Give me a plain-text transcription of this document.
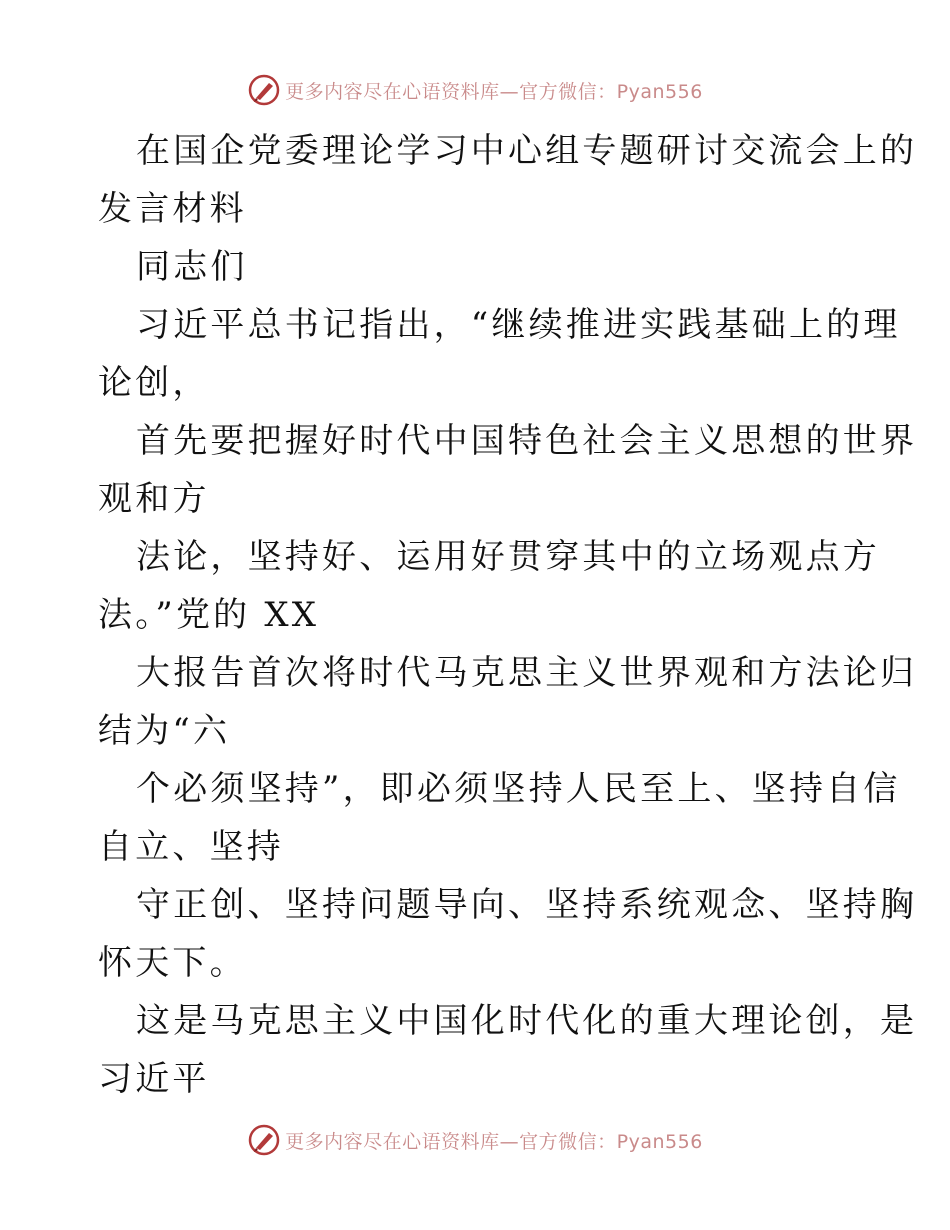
更多内容尽在心语资料库—官方微信：Pyan556
在国企党委理论学习中心组专题研讨交流会上的
发言材料
同志们
习近平总书记指出，“继续推进实践基础上的理
论创，
首先要把握好时代中国特色社会主义思想的世界
观和方
法论，坚持好、运用好贯穿其中的立场观点方
法。”党的 XX
大报告首次将时代马克思主义世界观和方法论归
结为“六
个必须坚持”，即必须坚持人民至上、坚持自信
自立、坚持
守正创、坚持问题导向、坚持系统观念、坚持胸
怀天下。
这是马克思主义中国化时代化的重大理论创，是
习近平
更多内容尽在心语资料库—官方微信：Pyan556
